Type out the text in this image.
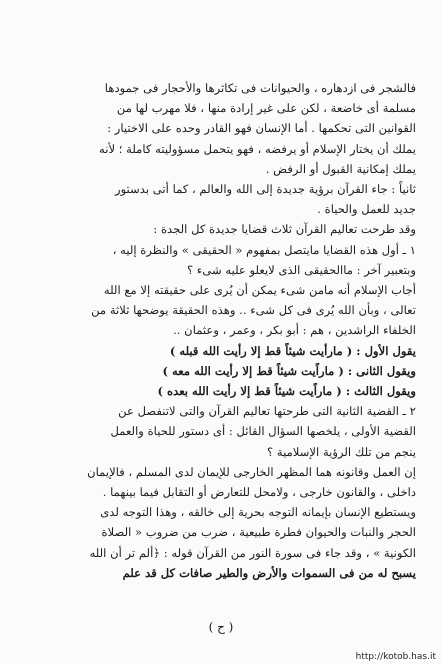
فالشجر فى ازدهاره ، والحيوانات فى تكاثرها والأحجار فى جمودها
مسلمة أى خاضعة ، لكن على غير إرادة منها ، فلا مهرب لها من
القوانين التى تحكمها . أما الإنسان فهو القادر وحده على الاختيار :
يملك أن يختار الإسلام أو يرفضه ، فهو يتحمل مسؤوليته كاملة ؛ لأنه
يملك إمكانية القبول أو الرفض .
ثانياً : جاء القرآن برؤية جديدة إلى الله والعالم ، كما أتى بدستور
جديد للعمل والحياة .
وقد طرحت تعاليم القرآن ثلاث قضايا جديدة كل الجدة :
١ ـ أول هذه القضايا مايتصل بمفهوم « الحقيقى » والنظرة إليه ،
وبتعبير آخر : ماالحقيقى الذى لايعلو عليه شىء ؟
أجاب الإسلام أنه مامن شىء يمكن أن يُرى على حقيقته إلا مع الله
تعالى ، وبأن الله يُرى فى كل شىء .. وهذه الحقيقة يوضحها ثلاثة من
الخلفاء الراشدين ، هم : أبو بكر ، وعمر ، وعثمان ..
يقول الأول : ( مارأيت شيئاً قط إلا رأيت الله قبله )
ويقول الثانى : ( ماراًيت شيئاً قط إلا رأيت الله معه )
ويقول الثالث : ( ماراًيت شيئاً قط إلا رأيت الله بعده )
٢ ـ القضية الثانية التى طرحتها تعاليم القرآن والتى لاتنفصل عن
القضية الأولى ، يلخصها السؤال القائل : أى دستور للحياة والعمل
ينجم من تلك الرؤية الإسلامية ؟
إن العمل وقانونه هما المظهر الخارجى للإيمان لدى المسلم ، فالإيمان
داخلى ، والقانون خارجى ، ولامحل للتعارض أو التقابل فيما بينهما .
ويستطيع الإنسان بإيمانه التوجه بحرية إلى خالقه ، وهذا التوجه لدى
الحجر والنبات والحيوان فطرة طبيعية ، ضرب من ضروب « الصلاة
الكونية » ، وقد جاء فى سورة النور من القرآن قوله : ﴿ألم تر أن الله
يسبح له من فى السموات والأرض والطير صافات كل قد علم
( ح )
http://kotob.has.it
